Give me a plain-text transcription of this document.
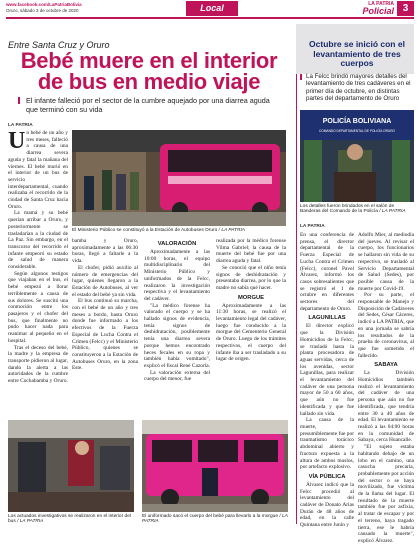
www.facebook.com/LaPatriaBolivia
Oruro, sábado 3 de octubre de 2020	Local	LA PATRIA
Policial 3
Entre Santa Cruz y Oruro
Bebé muere en el interior de bus en medio viaje
El infante falleció por el sector de la cumbre aquejado por una diarrea aguda que terminó con su vida
LA PATRIA

Un bebé de un año y tres meses, falleció a causa de una diarrea severa aguda y fatal la mañana del viernes. El bebé murió en el interior de un bus de servicio interdepartamental, cuando realizaba el recorrido de la ciudad de Santa Cruz hacia Oruro.

La mamá y su bebé querían arribar a Oruro, y posteriormente se trasladarían a la ciudad de La Paz. Sin embargo, en el transcurso del recorrido el infante empeoró su estado de salud de manera considerable.

Según algunos testigos que viajaban en el bus, el bebé empezó a llorar terriblemente a causa de sus dolores. Se suscitó una conmoción entre los pasajeros y el chofer del bus, que finalmente no pudo hacer nada para reanimar al pequeño en el hospital.

Tras el deceso del bebé, la madre y la empresa de transporte pidieron al lugar, dando la alerta a las autoridades de la cumbre entre Cochabamba y Oruro.

El Ministerio Público se constituyó a la Estación de Autobuses Oruro / LA PATRIA

bamba y Oruro, aproximadamente a las 06:30 horas, llegó a faltarle a la vida.

El chofer, pidió auxilio al número de emergencias del lugar, quienes llegaron a la Estación de Autobuses, al ver el estado del bebé ya sin vida.

El bus continuó su marcha, con el bebé de un año y tres meses a bordo, hasta Oruro donde fue informado a los efectivos de la Fuerza Especial de Lucha Contra el Crimen (Felcc) y el Ministerio Público, quienes se constituyeron a la Estación de Autobuses Oruro, en la zona Este.

VALORACIÓN

Aproximadamente a las 10:00 horas, el equipo multidisciplinario del Ministerio Público y uniformados de la Felcc, realizaron la investigación respectiva y el levantamiento del cadáver.

"La médico forense ha valorado el cuerpo y se ha hallado signos de evidencia, tenía signos de deshidratación, posiblemente tenía una diarrea severa porque hemos encontrado heces fecales en su ropa y también había vomitado", explicó el fiscal René Cazorla.

La valoración externa del cuerpo del menor, fue

realizada por la médico forense Vilma Gabriel; la causa de la muerte del bebé fue por una diarrea aguda y fatal.

Se conoció que el niño tenía signos de deshidratación y presentaba diarrea, por lo que la madre no sabía qué hacer.

MORGUE

Aproximadamente a las 11:30 horas, se realizó el levantamiento legal del cadáver, luego fue conducido a la morgue del Cementerio General de Oruro. Luego de los trámites respectivos, el cuerpo del infante iba a ser trasladado a su lugar de origen.

Los actuados investigativos se realizaron en el interior del bus / LA PATRIA
El uniformado sacó el cuerpo del bebé para llevarlo a la morgue / LA PATRIA
Octubre se inició con el levantamiento de tres cuerpos
La Felcc brindó mayores detalles del levantamiento de tres cadáveres en el primer día de octubre, en distintas partes del departamento de Oruro
POLICÍA BOLIVIANA
COMANDO DEPARTAMENTAL DE POLICÍA ORURO
Los detalles fueron brindados en el salón de Banderas del Comando de la Policía / LA PATRIA
LA PATRIA

En una conferencia de prensa, el director departamental de la Fuerza Especial de Lucha Contra el Crimen (Felcc), coronel Pavel Álvarez, informó los casos sobresalientes que se registró el 1 de octubre en diferentes sectores del departamento de Oruro.

LAGUNILLAS

El director explicó que la División Homicidios de la Felcc, se trasladó hasta la planta procesadora de aguas servidas, cerca de los avenidas, sector Lagunillas, para realizar el levantamiento del cadáver de una persona mayor de 50 a 60 años, que aún no fue identificada y que fue hallado sin vida.

La causa de la muerte, presumiblemente fue por traumatismo torácico abdominal abierto y fractura expuesta a la altura de ambos muslos, por artefacto explosivo.

VÍA PÚBLICA

Álvarez indicó que la Felcc procedió al levantamiento del cadáver de Donato Arias Durán de 48 años de edad, en la calle Quintana entre Junín y

Adolfo Mier, al mediodía del jueves. Al revisar el cuerpo, los funcionarios se hallaron sin vida de su respectivo, se trasladó al Servicio Departamental de Salud (Sedes), por posible causa de la muerte por Covid-19.

Por su parte, el responsable de Manejo y Disposición de Cadáveres del Sedes, César Cáceres, indicó a LA PATRIA, que en una jornada se sabría los resultados de la prueba de coronavirus, al que fue sometido el fallecido.

SABAYA

La División Homicidios también realizó el levantamiento del cadáver de una persona que aún no fue identificada, que tendría entre 30 a 40 años de edad. El levantamiento se realizó a las 04:00 horas en la comunidad de Sabaya, cerca Huancalle.

"El sujeto estaba habitando debajo de un lobo en el camino, una casucha precaria, probablemente por acción del sector o se haya movilizado, fue víctima de la llama del lugar. El resultado de la muerte también fue por asfixia, al tratar de escapar y por el terreno, haya tragado tierra, ese le habría causado la muerte", explicó Álvarez.
